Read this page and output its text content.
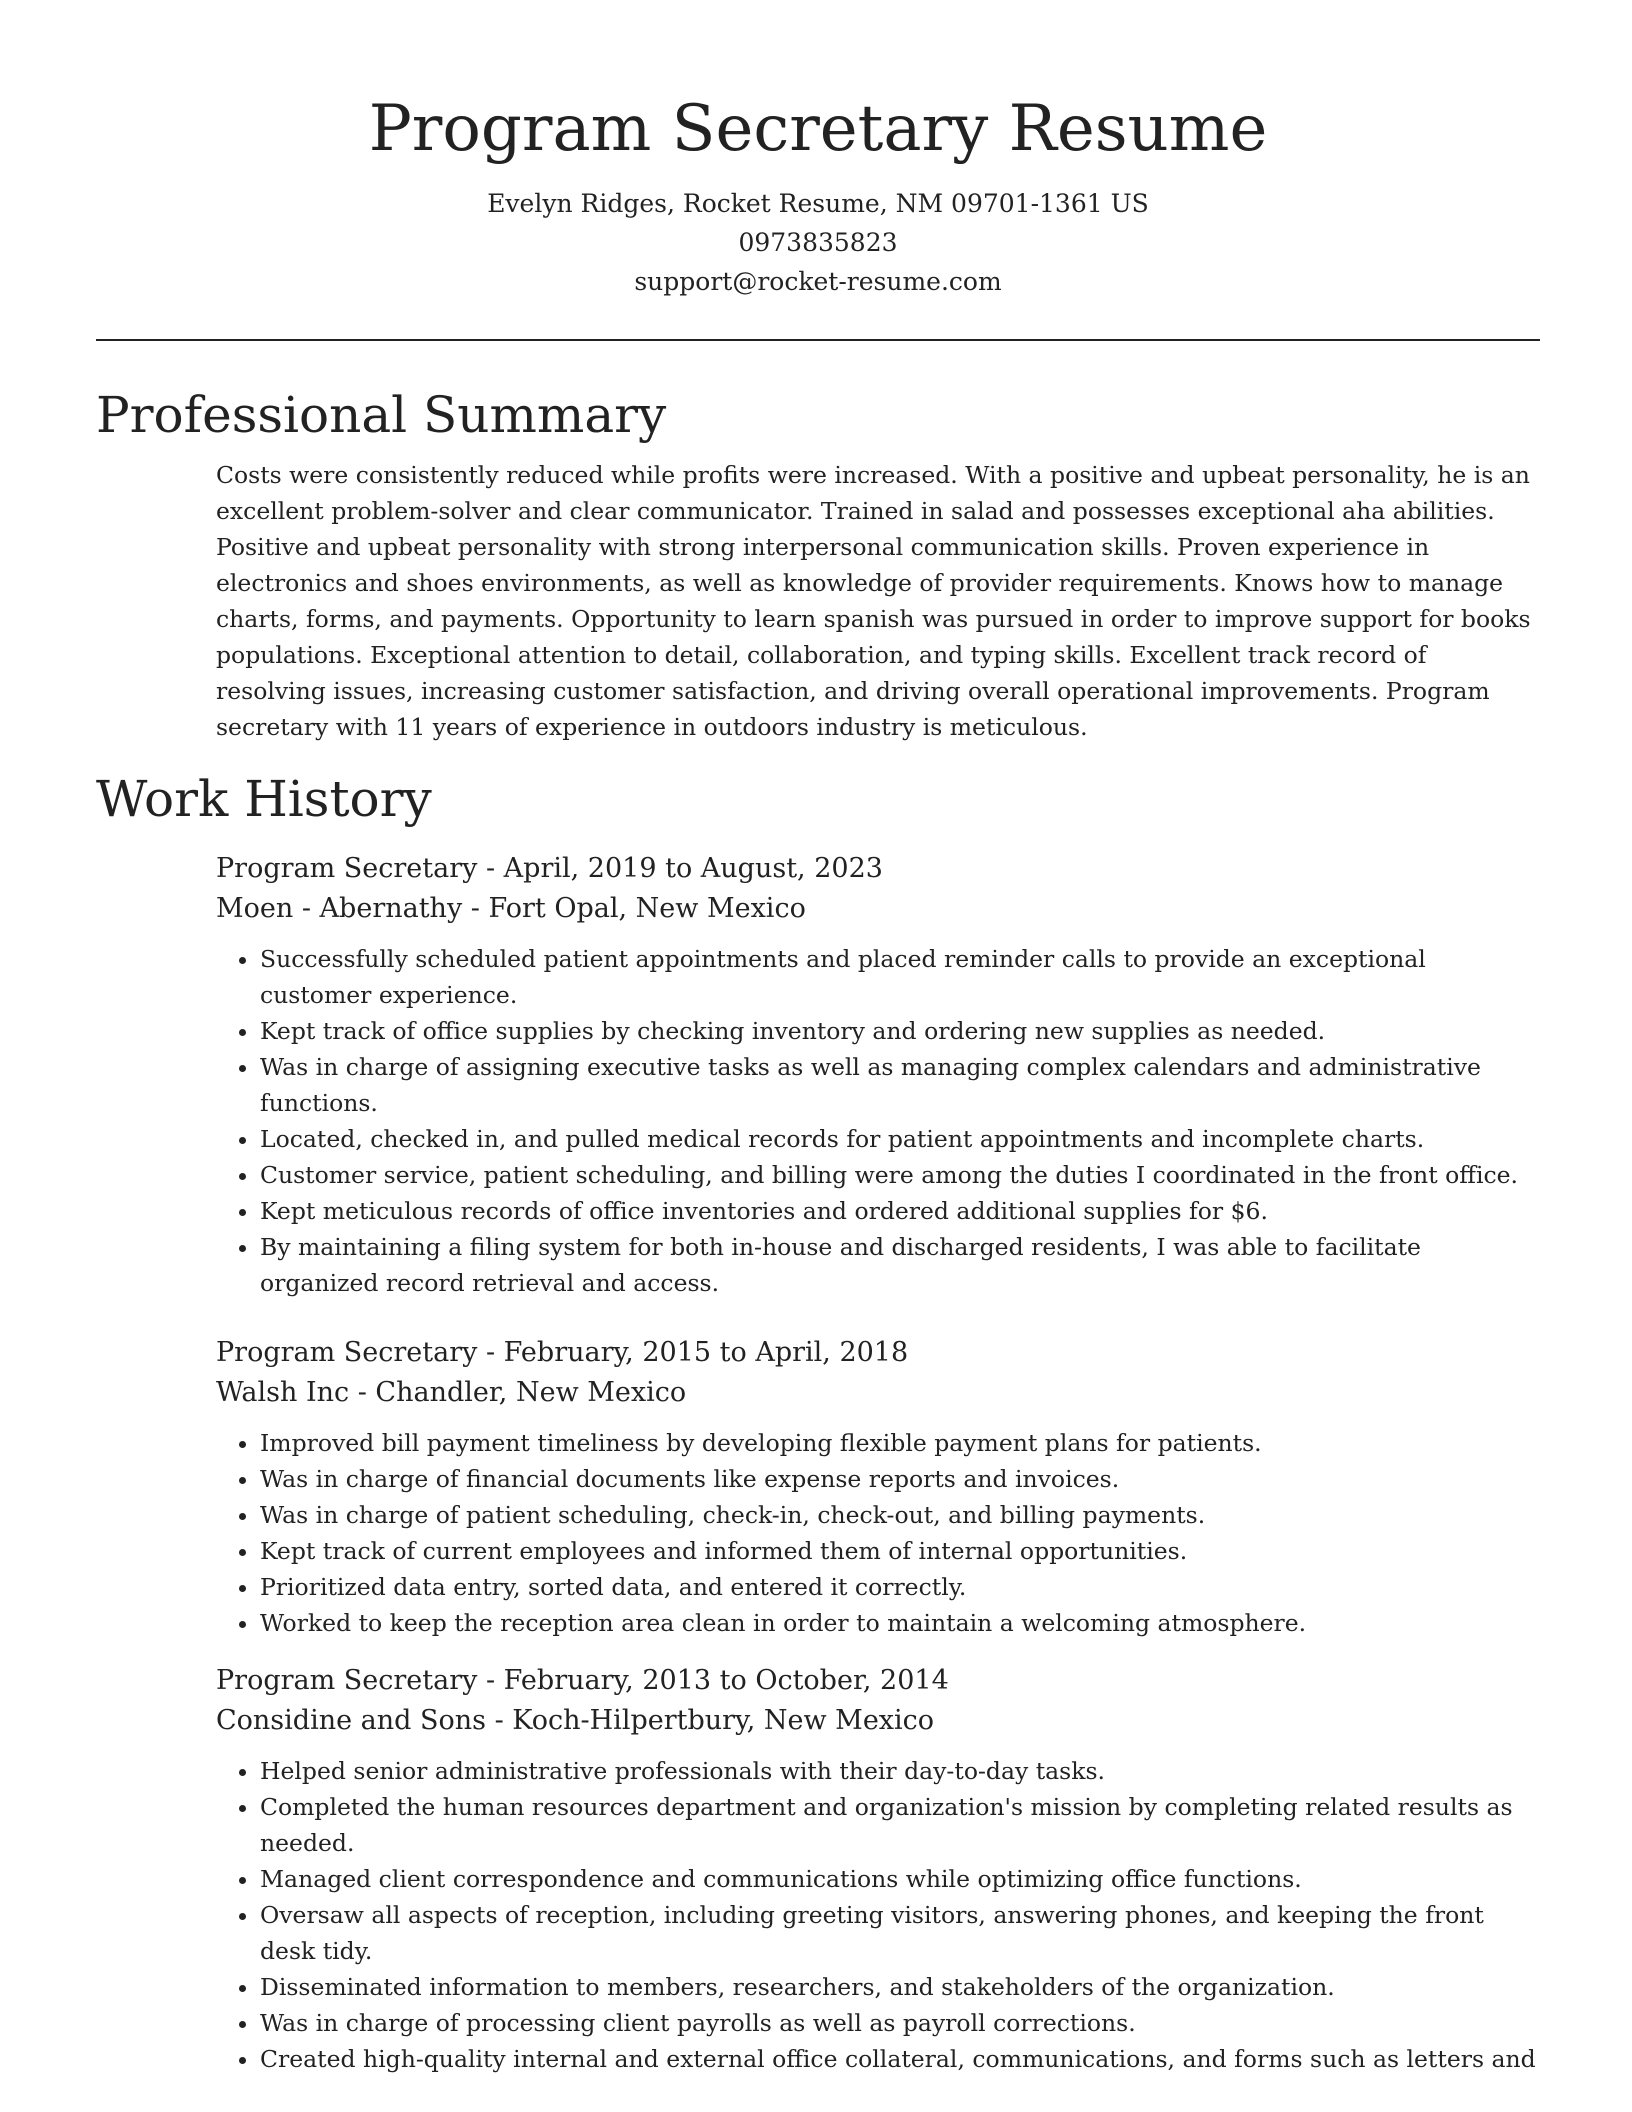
Program Secretary Resume
Evelyn Ridges, Rocket Resume, NM 09701-1361 US
0973835823
support@rocket-resume.com
Professional Summary

Costs were consistently reduced while profits were increased. With a positive and upbeat personality, he is an excellent problem-solver and clear communicator. Trained in salad and possesses exceptional aha abilities. Positive and upbeat personality with strong interpersonal communication skills. Proven experience in electronics and shoes environments, as well as knowledge of provider requirements. Knows how to manage charts, forms, and payments. Opportunity to learn spanish was pursued in order to improve support for books populations. Exceptional attention to detail, collaboration, and typing skills. Excellent track record of resolving issues, increasing customer satisfaction, and driving overall operational improvements. Program secretary with 11 years of experience in outdoors industry is meticulous.

Work History
Program Secretary - April, 2019 to August, 2023
Moen - Abernathy - Fort Opal, New Mexico
• Successfully scheduled patient appointments and placed reminder calls to provide an exceptional customer experience.
• Kept track of office supplies by checking inventory and ordering new supplies as needed.
• Was in charge of assigning executive tasks as well as managing complex calendars and administrative functions.
• Located, checked in, and pulled medical records for patient appointments and incomplete charts.
• Customer service, patient scheduling, and billing were among the duties I coordinated in the front office.
• Kept meticulous records of office inventories and ordered additional supplies for $6.
• By maintaining a filing system for both in-house and discharged residents, I was able to facilitate organized record retrieval and access.
Program Secretary - February, 2015 to April, 2018
Walsh Inc - Chandler, New Mexico
• Improved bill payment timeliness by developing flexible payment plans for patients.
• Was in charge of financial documents like expense reports and invoices.
• Was in charge of patient scheduling, check-in, check-out, and billing payments.
• Kept track of current employees and informed them of internal opportunities.
• Prioritized data entry, sorted data, and entered it correctly.
• Worked to keep the reception area clean in order to maintain a welcoming atmosphere.
Program Secretary - February, 2013 to October, 2014
Considine and Sons - Koch-Hilpertbury, New Mexico
• Helped senior administrative professionals with their day-to-day tasks.
• Completed the human resources department and organization's mission by completing related results as needed.
• Managed client correspondence and communications while optimizing office functions.
• Oversaw all aspects of reception, including greeting visitors, answering phones, and keeping the front desk tidy.
• Disseminated information to members, researchers, and stakeholders of the organization.
• Was in charge of processing client payrolls as well as payroll corrections.
• Created high-quality internal and external office collateral, communications, and forms such as letters and
